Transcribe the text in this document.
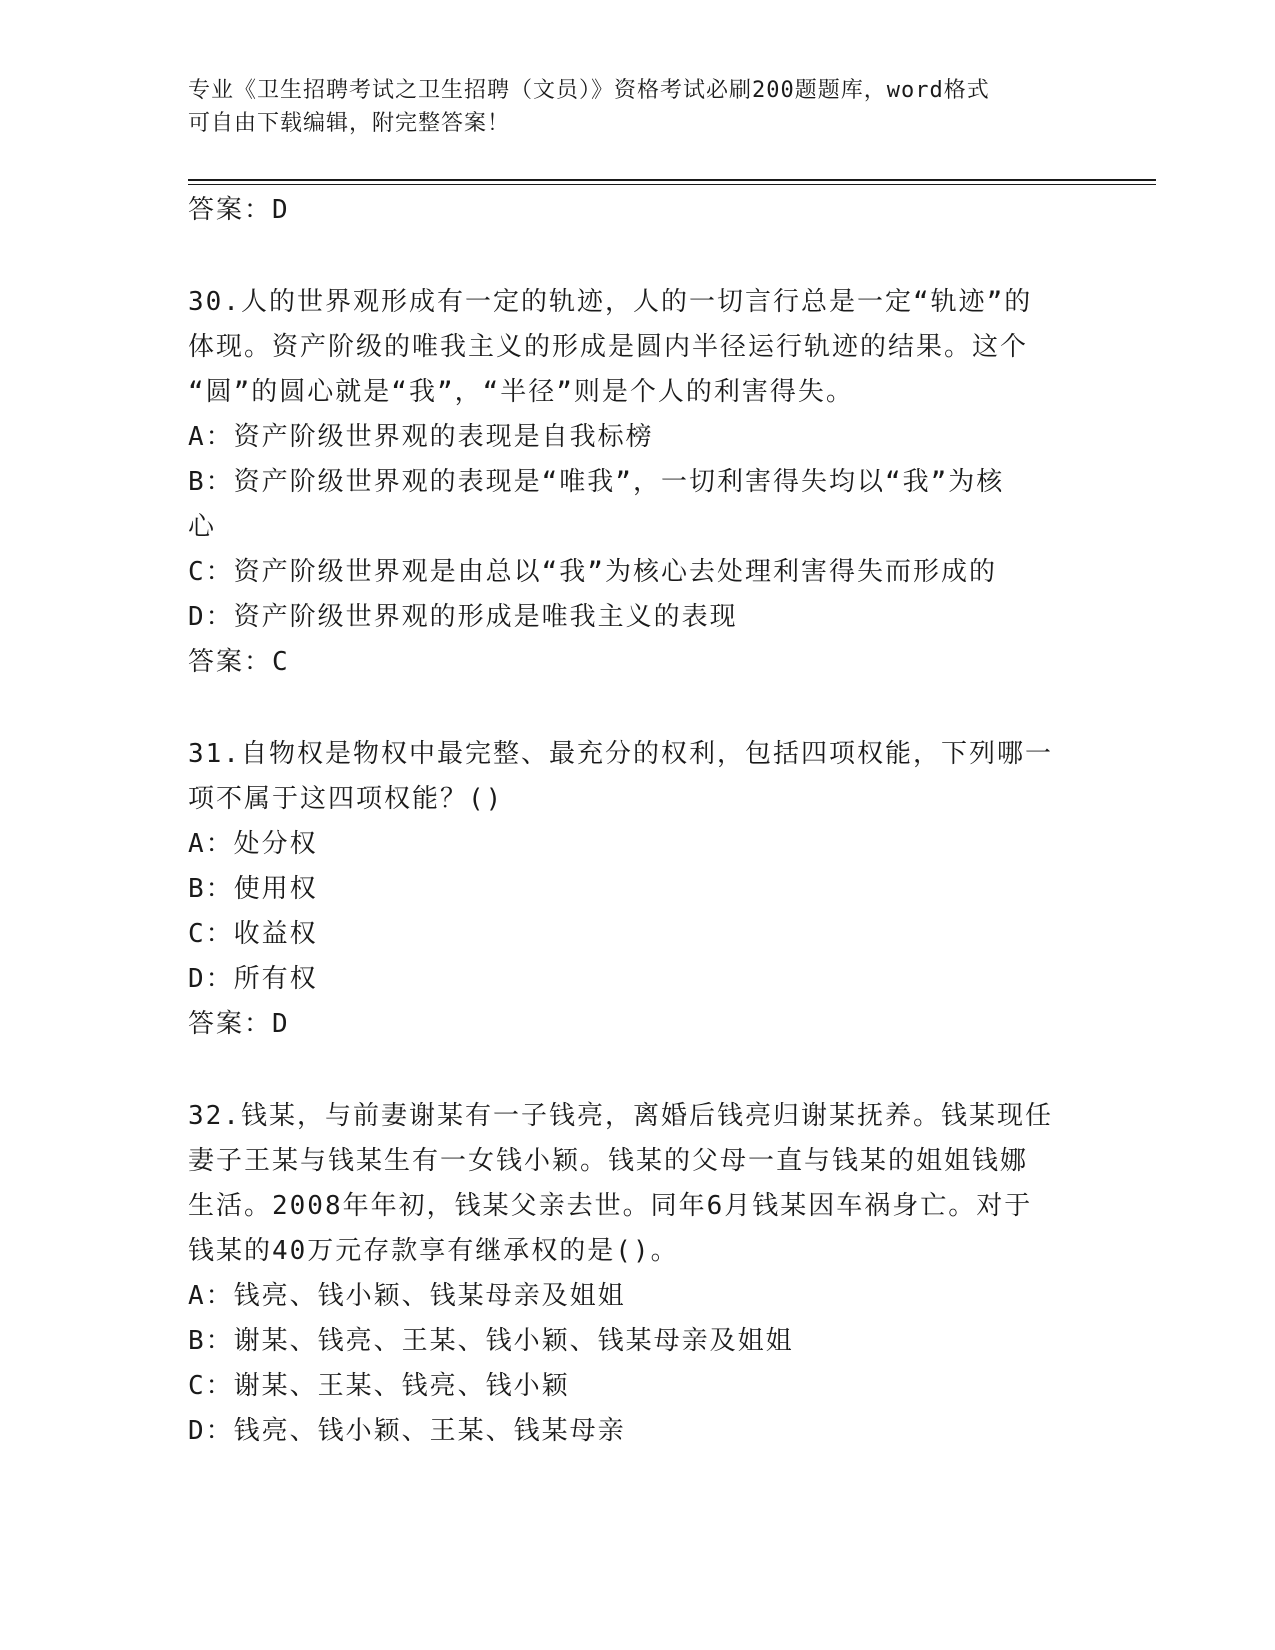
专业《卫生招聘考试之卫生招聘（文员）》资格考试必刷200题题库，word格式
可自由下载编辑，附完整答案！
答案：D
30.人的世界观形成有一定的轨迹，人的一切言行总是一定“轨迹”的
体现。资产阶级的唯我主义的形成是圆内半径运行轨迹的结果。这个
“圆”的圆心就是“我”，“半径”则是个人的利害得失。
A：资产阶级世界观的表现是自我标榜
B：资产阶级世界观的表现是“唯我”，一切利害得失均以“我”为核
心
C：资产阶级世界观是由总以“我”为核心去处理利害得失而形成的
D：资产阶级世界观的形成是唯我主义的表现
答案：C
31.自物权是物权中最完整、最充分的权利，包括四项权能，下列哪一
项不属于这四项权能？()
A：处分权
B：使用权
C：收益权
D：所有权
答案：D
32.钱某，与前妻谢某有一子钱亮，离婚后钱亮归谢某抚养。钱某现任
妻子王某与钱某生有一女钱小颖。钱某的父母一直与钱某的姐姐钱娜
生活。2008年年初，钱某父亲去世。同年6月钱某因车祸身亡。对于
钱某的40万元存款享有继承权的是()。
A：钱亮、钱小颖、钱某母亲及姐姐
B：谢某、钱亮、王某、钱小颖、钱某母亲及姐姐
C：谢某、王某、钱亮、钱小颖
D：钱亮、钱小颖、王某、钱某母亲
